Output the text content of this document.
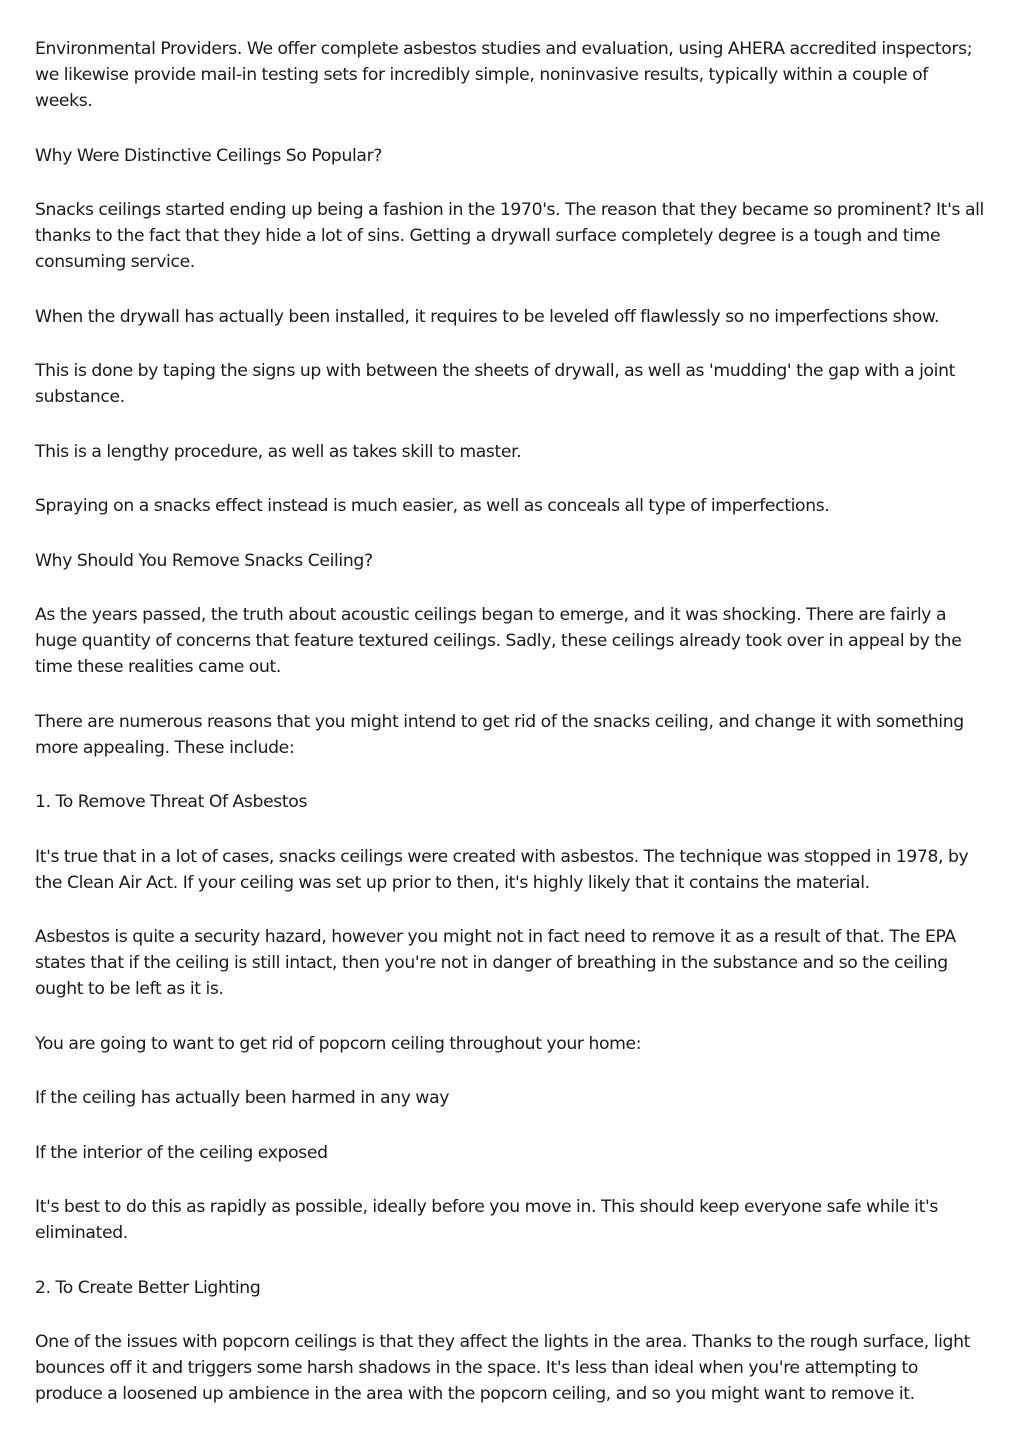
Environmental Providers. We offer complete asbestos studies and evaluation, using AHERA accredited inspectors; we likewise provide mail-in testing sets for incredibly simple, noninvasive results, typically within a couple of weeks.

Why Were Distinctive Ceilings So Popular?

Snacks ceilings started ending up being a fashion in the 1970's. The reason that they became so prominent? It's all thanks to the fact that they hide a lot of sins. Getting a drywall surface completely degree is a tough and time consuming service.

When the drywall has actually been installed, it requires to be leveled off flawlessly so no imperfections show.

This is done by taping the signs up with between the sheets of drywall, as well as 'mudding' the gap with a joint substance.

This is a lengthy procedure, as well as takes skill to master.

Spraying on a snacks effect instead is much easier, as well as conceals all type of imperfections.

Why Should You Remove Snacks Ceiling?

As the years passed, the truth about acoustic ceilings began to emerge, and it was shocking. There are fairly a huge quantity of concerns that feature textured ceilings. Sadly, these ceilings already took over in appeal by the time these realities came out.

There are numerous reasons that you might intend to get rid of the snacks ceiling, and change it with something more appealing. These include:

1. To Remove Threat Of Asbestos

It's true that in a lot of cases, snacks ceilings were created with asbestos. The technique was stopped in 1978, by the Clean Air Act. If your ceiling was set up prior to then, it's highly likely that it contains the material.

Asbestos is quite a security hazard, however you might not in fact need to remove it as a result of that. The EPA states that if the ceiling is still intact, then you're not in danger of breathing in the substance and so the ceiling ought to be left as it is.

You are going to want to get rid of popcorn ceiling throughout your home:

If the ceiling has actually been harmed in any way

If the interior of the ceiling exposed

It's best to do this as rapidly as possible, ideally before you move in. This should keep everyone safe while it's eliminated.

2. To Create Better Lighting

One of the issues with popcorn ceilings is that they affect the lights in the area. Thanks to the rough surface, light bounces off it and triggers some harsh shadows in the space. It's less than ideal when you're attempting to produce a loosened up ambience in the area with the popcorn ceiling, and so you might want to remove it.
